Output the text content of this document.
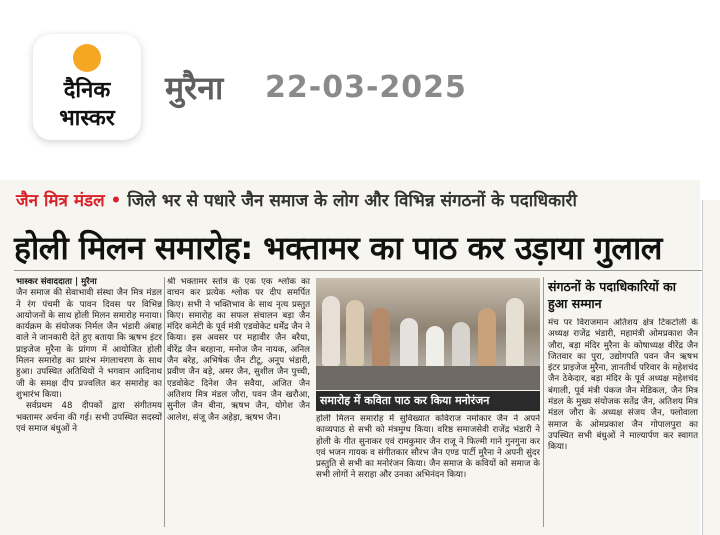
दैनिक
भास्कर
मुरैना 22-03-2025
जैन मित्र मंडल • जिले भर से पधारे जैन समाज के लोग और विभिन्न संगठनों के पदाधिकारी
होली मिलन समारोह: भक्तामर का पाठ कर उड़ाया गुलाल

भास्कर संवाददाता | मुरैना

जैन समाज की सेवाभावी संस्था जैन मित्र मंडल ने रंग पंचमी के पावन दिवस पर विभिन्न आयोजनों के साथ होली मिलन समारोह मनाया। कार्यक्रम के संयोजक निर्मल जैन भंडारी अंबाह वाले ने जानकारी देते हुए बताया कि ऋषभ इंटर प्राइजेज मुरैना के प्रांगण में आयोजित होली मिलन समारोह का प्रारंभ मंगलाचरण के साथ हुआ। उपस्थित अतिथियों ने भगवान आदिनाथ जी के समक्ष दीप प्रज्वलित कर समारोह का शुभारंभ किया।

सर्वप्रथम 48 दीपकों द्वारा संगीतमय भक्तामर अर्चना की गई। सभी उपस्थित सदस्यों एवं समाज बंधुओं ने

श्री भक्तामर स्तोत्र के एक एक श्लोक का वाचन कर प्रत्येक श्लोक पर दीप समर्पित किए। सभी ने भक्तिभाव के साथ नृत्य प्रस्तुत किए। समारोह का सफल संचालन बड़ा जैन मंदिर कमेटी के पूर्व मंत्री एडवोकेट धर्मेंद्र जैन ने किया। इस अवसर पर महावीर जैन बरैया, वीरेंद्र जैन बरहाना, मनोज जैन नायक, अनिल जैन बरेह, अभिषेक जैन टीटू, अनूप भंडारी, प्रवीण जैन बड़े, अमर जैन, सुशील जैन पुच्ची, एडवोकेट दिनेश जैन सवैया, अजित जैन अतिशय मित्र मंडल जौरा, पवन जैन खरौआ, सुनील जैन बीना, ऋषभ जैन, योगेश जैन आलेश, संजू जैन अहेड़ा, ऋषभ जैन।

समारोह में कविता पाठ कर किया मनोरंजन

होली मिलन समारोह में सुविख्यात कविराज नमोकार जैन ने अपने काव्यपाठ से सभी को मंत्रमुग्ध किया। वरिष्ठ समाजसेवी राजेंद्र भंडारी ने होली के गीत सुनाकर एवं रामकुमार जैन राजू ने फिल्मी गाने गुनगुना कर एवं भजन गायक व संगीतकार सौरभ जैन एण्ड पार्टी मुरैना ने अपनी सुंदर प्रस्तुति से सभी का मनोरंजन किया। जैन समाज के कवियों को समाज के सभी लोगों ने सराहा और उनका अभिनंदन किया।

संगठनों के पदाधिकारियों का हुआ सम्मान

मंच पर विराजमान अतिशय क्षेत्र टिकटोली के अध्यक्ष राजेंद्र भंडारी, महामंत्री ओमप्रकाश जैन जौरा, बड़ा मंदिर मुरैना के कोषाध्यक्ष वीरेंद्र जैन जितवार का पुरा, उद्योगपति पवन जैन ऋषभ इंटर प्राइजेज मुरैना, ज्ञानतीर्थ परिवार के महेशचंद जैन ठेकेदार, बड़ा मंदिर के पूर्व अध्यक्ष महेशचंद बंगाली, पूर्व मंत्री पंकज जैन मेडिकल, जैन मित्र मंडल के मुख्य संयोजक सतेंद्र जैन, अतिशय मित्र मंडल जौरा के अध्यक्ष संजय जैन, फ्लोवाला समाज के ओमप्रकाश जैन गोपालपुरा का उपस्थित सभी बंधुओं ने माल्यार्पण कर स्वागत किया।
